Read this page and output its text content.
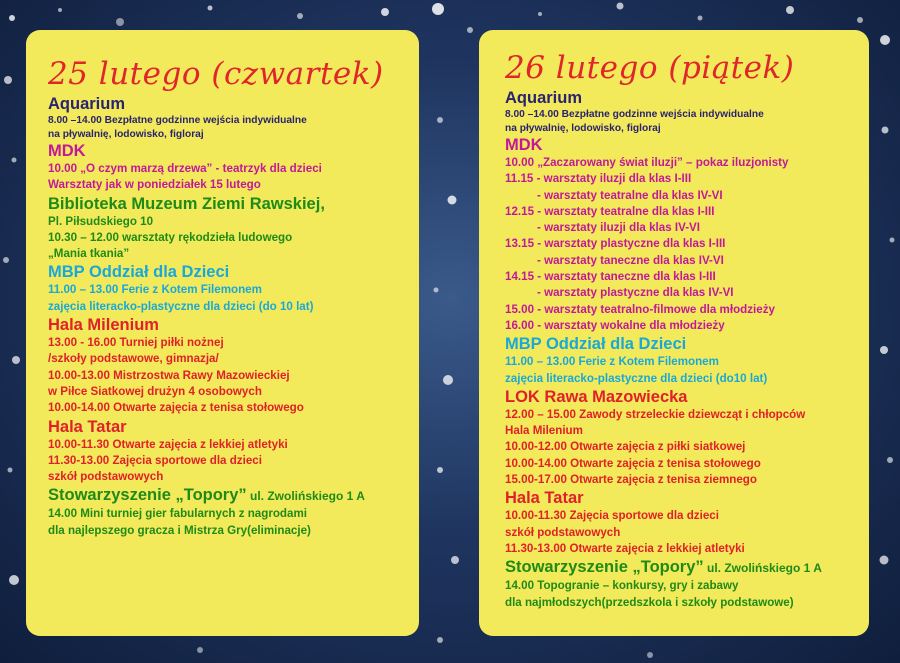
25 lutego (czwartek)
Aquarium
8.00 –14.00 Bezpłatne godzinne wejścia indywidualne
na pływalnię, lodowisko, figloraj
MDK
10.00 „O czym marzą drzewa” - teatrzyk dla dzieci
Warsztaty jak w poniedziałek 15 lutego
Biblioteka Muzeum Ziemi Rawskiej,
Pl. Piłsudskiego 10
10.30 – 12.00 warsztaty rękodzieła ludowego
„Mania tkania”
MBP Oddział dla Dzieci
11.00 – 13.00 Ferie z Kotem Filemonem
zajęcia literacko-plastyczne dla dzieci (do 10 lat)
Hala Milenium
13.00 - 16.00 Turniej piłki nożnej
/szkoły podstawowe, gimnazja/
10.00-13.00 Mistrzostwa Rawy Mazowieckiej
w Piłce Siatkowej drużyn 4 osobowych
10.00-14.00 Otwarte zajęcia z tenisa stołowego
Hala Tatar
10.00-11.30 Otwarte zajęcia z lekkiej atletyki
11.30-13.00 Zajęcia sportowe dla dzieci
szkół podstawowych
Stowarzyszenie „Topory” ul. Zwolińskiego 1 A
14.00 Mini turniej gier fabularnych z nagrodami
dla najlepszego gracza i Mistrza Gry(eliminacje)
26 lutego (piątek)
Aquarium
8.00 –14.00 Bezpłatne godzinne wejścia indywidualne
na pływalnię, lodowisko, figloraj
MDK
10.00 „Zaczarowany świat iluzji” – pokaz iluzjonisty
11.15 - warsztaty iluzji dla klas I-III
- warsztaty teatralne dla klas IV-VI
12.15 - warsztaty teatralne dla klas I-III
- warsztaty iluzji dla klas IV-VI
13.15 - warsztaty plastyczne dla klas I-III
- warsztaty taneczne dla klas IV-VI
14.15 - warsztaty taneczne dla klas I-III
- warsztaty plastyczne dla klas IV-VI
15.00 - warsztaty teatralno-filmowe dla młodzieży
16.00 - warsztaty wokalne dla młodzieży
MBP Oddział dla Dzieci
11.00 – 13.00 Ferie z Kotem Filemonem
zajęcia literacko-plastyczne dla dzieci (do10 lat)
LOK Rawa Mazowiecka
12.00 – 15.00 Zawody strzeleckie dziewcząt i chłopców
Hala Milenium
10.00-12.00 Otwarte zajęcia z piłki siatkowej
10.00-14.00 Otwarte zajęcia z tenisa stołowego
15.00-17.00 Otwarte zajęcia z tenisa ziemnego
Hala Tatar
10.00-11.30 Zajęcia sportowe dla dzieci
szkół podstawowych
11.30-13.00 Otwarte zajęcia z lekkiej atletyki
Stowarzyszenie „Topory” ul. Zwolińskiego 1 A
14.00 Topogranie – konkursy, gry i zabawy
dla najmłodszych(przedszkola i szkoły podstawowe)
